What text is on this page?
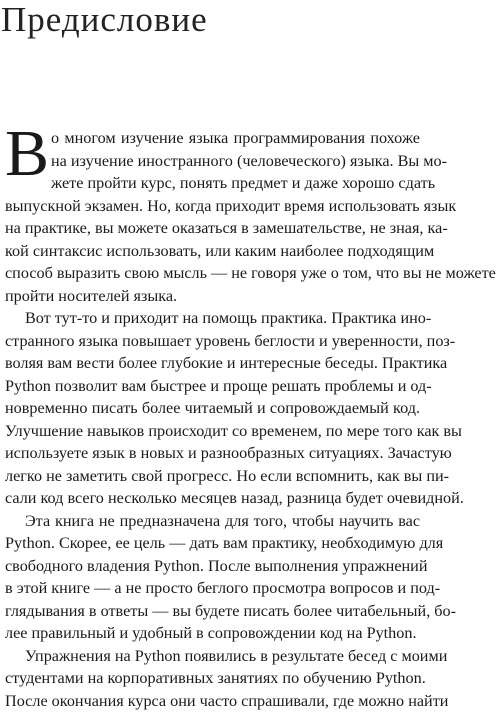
Предисловие
В о многом изучение языка программирования похоже
на изучение иностранного (человеческого) языка. Вы мо-
жете пройти курс, понять предмет и даже хорошо сдать
выпускной экзамен. Но, когда приходит время использовать язык
на практике, вы можете оказаться в замешательстве, не зная, ка-
кой синтаксис использовать, или каким наиболее подходящим
способ выразить свою мысль — не говоря уже о том, что вы не можете
пройти носителей языка.
Вот тут-то и приходит на помощь практика. Практика ино-
странного языка повышает уровень беглости и уверенности, поз-
воляя вам вести более глубокие и интересные беседы. Практика
Python позволит вам быстрее и проще решать проблемы и од-
новременно писать более читаемый и сопровождаемый код.
Улучшение навыков происходит со временем, по мере того как вы
используете язык в новых и разнообразных ситуациях. Зачастую
легко не заметить свой прогресс. Но если вспомнить, как вы пи-
сали код всего несколько месяцев назад, разница будет очевидной.
Эта книга не предназначена для того, чтобы научить вас
Python. Скорее, ее цель — дать вам практику, необходимую для
свободного владения Python. После выполнения упражнений
в этой книге — а не просто беглого просмотра вопросов и под-
глядывания в ответы — вы будете писать более читабельный, бо-
лее правильный и удобный в сопровождении код на Python.
Упражнения на Python появились в результате бесед с моими
студентами на корпоративных занятиях по обучению Python.
После окончания курса они часто спрашивали, где можно найти
